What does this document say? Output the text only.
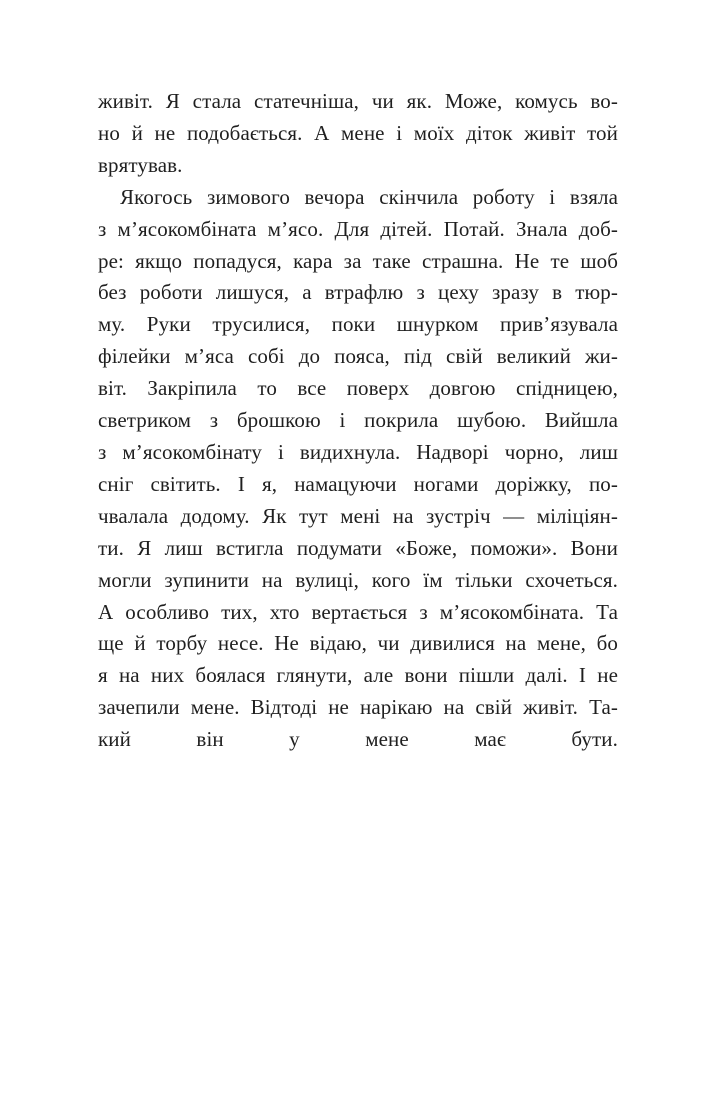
живіт. Я стала статечніша, чи як. Може, комусь во-
но й не подобається. А мене і моїх діток живіт той
врятував.

Якогось зимового вечора скінчила роботу і взяла
з м’ясокомбіната м’ясо. Для дітей. Потай. Знала доб-
ре: якщо попадуся, кара за таке страшна. Не те шоб
без роботи лишуся, а втрафлю з цеху зразу в тюр-
му. Руки трусилися, поки шнурком прив’язувала
філейки м’яса собі до пояса, під свій великий жи-
віт. Закріпила то все поверх довгою спідницею,
светриком з брошкою і покрила шубою. Вийшла
з м’ясокомбінату і видихнула. Надворі чорно, лиш
сніг світить. І я, намацуючи ногами доріжку, по-
чвалала додому. Як тут мені на зустріч — міліціян-
ти. Я лиш встигла подумати «Боже, поможи». Вони
могли зупинити на вулиці, кого їм тільки схочеться.
А особливо тих, хто вертається з м’ясокомбіната. Та
ще й торбу несе. Не відаю, чи дивилися на мене, бо
я на них боялася глянути, але вони пішли далі. І не
зачепили мене. Відтоді не нарікаю на свій живіт. Та-
кий він у мене має бути.
